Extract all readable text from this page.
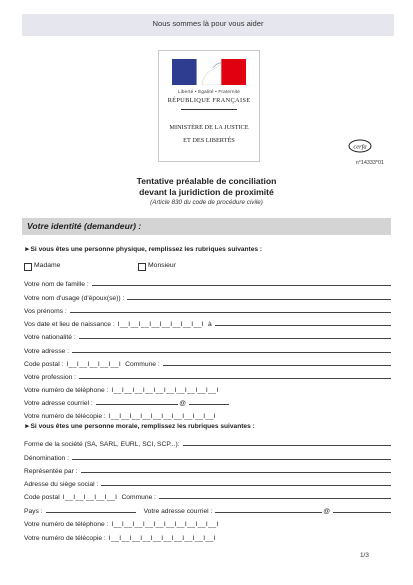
Nous sommes là pour vous aider
Liberté • Égalité • Fraternité
RÉPUBLIQUE FRANÇAISE
MINISTÈRE DE LA JUSTICE
ET DES LIBERTÉS
cerfa
n°14333*01
Tentative préalable de conciliation
devant la juridiction de proximité
(Article 830 du code de procédure civile)
Votre identité (demandeur) :
►Si vous êtes une personne physique, remplissez les rubriques suivantes :
Madame	Monsieur
Votre nom de famille :
Votre nom d'usage (d'époux(se)) :
Vos prénoms :
Vos date et lieu de naissance : I__I__I__I__I__I__I__I__I à
Votre nationalité :
Votre adresse :
Code postal : I__I__I__I__I__I Commune :
Votre profession :
Votre numéro de téléphone : I__I__I__I__I__I__I__I__I__I__I
Votre adresse courriel :	@
Votre numéro de télécopie : I__I__I__I__I__I__I__I__I__I__I
►Si vous êtes une personne morale, remplissez les rubriques suivantes :
Forme de la société (SA, SARL, EURL, SCI, SCP...):
Dénomination :
Représentée par :
Adresse du siège social :
Code postal I__I__I__I__I__I Commune :
Pays :	Votre adresse courriel :	@
Votre numéro de téléphone : I__I__I__I__I__I__I__I__I__I__I
Votre numéro de télécopie : I__I__I__I__I__I__I__I__I__I__I
1/3
